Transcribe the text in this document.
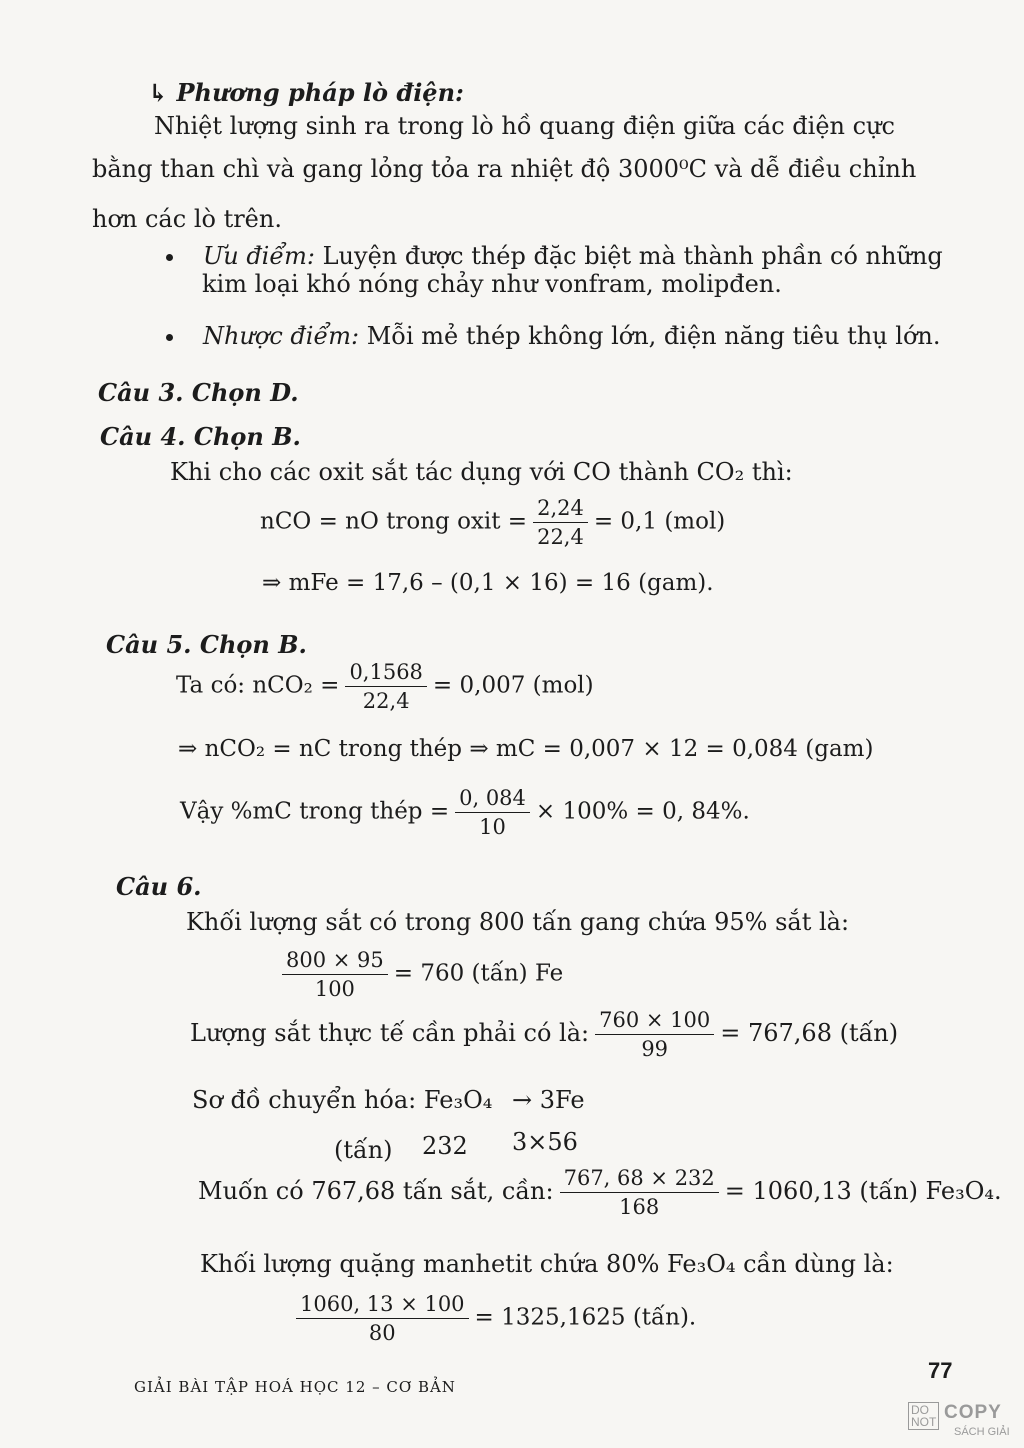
↳ Phương pháp lò điện:
Nhiệt lượng sinh ra trong lò hồ quang điện giữa các điện cực
bằng than chì và gang lỏng tỏa ra nhiệt độ 3000⁰C và dễ điều chỉnh
hơn các lò trên.
Ưu điểm: Luyện được thép đặc biệt mà thành phần có những
kim loại khó nóng chảy như vonfram, molipđen.
Nhược điểm: Mỗi mẻ thép không lớn, điện năng tiêu thụ lớn.
Câu 3. Chọn D.
Câu 4. Chọn B.
Khi cho các oxit sắt tác dụng với CO thành CO₂ thì:
nCO = nO trong oxit = $\frac{2,24}{22,4} = 0,1$ (mol)
⇒ mFe = 17,6 – (0,1 × 16) = 16 (gam).
Câu 5. Chọn B.
Ta có: $nCO_2 = \frac{0,1568}{22,4} = 0,007$ (mol)
⇒ nCO₂ = nC trong thép ⇒ mC = 0,007 × 12 = 0,084 (gam)
Vậy %mC trong thép = $\frac{0, 084}{10} \times 100\% = 0$, 84%.
Câu 6.
Khối lượng sắt có trong 800 tấn gang chứa 95% sắt là:
$\frac{800 \times 95}{100} = 760$ (tấn) Fe
Lượng sắt thực tế cần phải có là: $\frac{760 \times 100}{99} = 767,68$ (tấn)
Sơ đồ chuyển hóa: Fe₃O₄ → 3Fe
(tấn) 232 3×56
Muốn có 767,68 tấn sắt, cần: $\frac{767, 68 \times 232}{168} = 1060,13$ (tấn) Fe₃O₄.
Khối lượng quặng manhetit chứa 80% Fe₃O₄ cần dùng là:
$\frac{1060, 13 \times 100}{80} = 1325,1625$ (tấn).
77
GIẢI BÀI TẬP HOÁ HỌC 12 – CƠ BẢN
DO
NOT COPY
SÁCH GIẢI
